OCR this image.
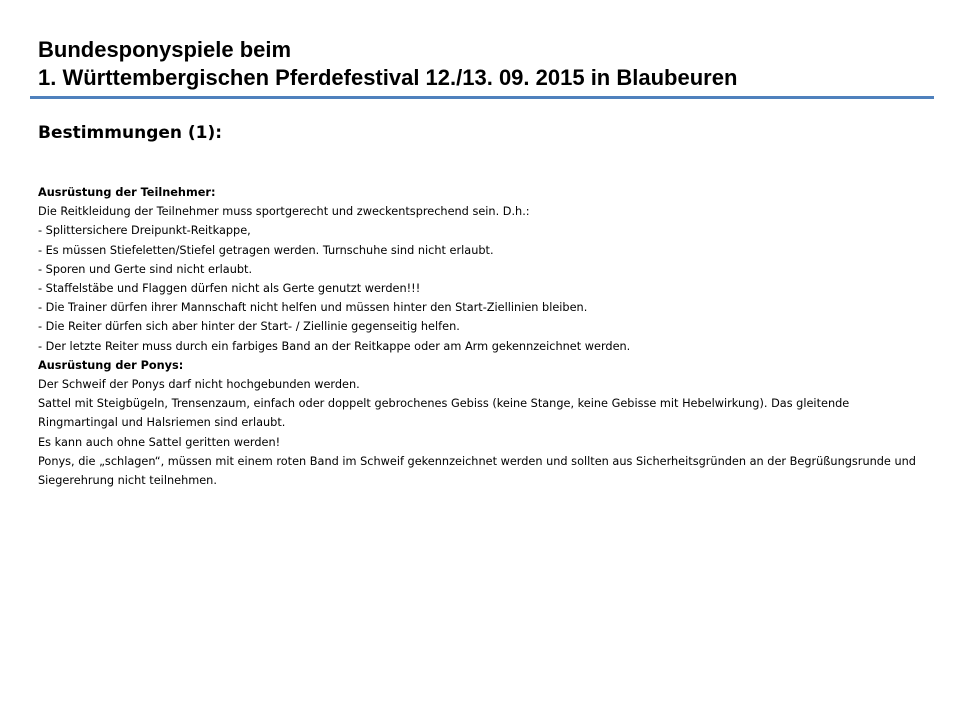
Bundesponyspiele beim
1. Württembergischen Pferdefestival 12./13. 09. 2015 in Blaubeuren
Bestimmungen (1):
Ausrüstung der Teilnehmer:
Die Reitkleidung der Teilnehmer muss sportgerecht und zweckentsprechend sein. D.h.:
- Splittersichere Dreipunkt-Reitkappe,
- Es müssen Stiefeletten/Stiefel getragen werden. Turnschuhe sind nicht erlaubt.
- Sporen und Gerte sind nicht erlaubt.
- Staffelstäbe und Flaggen dürfen nicht als Gerte genutzt werden!!!
- Die Trainer dürfen ihrer Mannschaft nicht helfen und müssen hinter den Start-Ziellinien bleiben.
- Die Reiter dürfen sich aber hinter der Start- / Ziellinie gegenseitig helfen.
- Der letzte Reiter muss durch ein farbiges Band an der Reitkappe oder am Arm gekennzeichnet werden.
Ausrüstung der Ponys:
Der Schweif der Ponys darf nicht hochgebunden werden.
Sattel mit Steigbügeln, Trensenzaum, einfach oder doppelt gebrochenes Gebiss (keine Stange, keine Gebisse mit Hebelwirkung). Das gleitende Ringmartingal und Halsriemen sind erlaubt.
Es kann auch ohne Sattel geritten werden!
Ponys, die „schlagen“, müssen mit einem roten Band im Schweif gekennzeichnet werden und sollten aus Sicherheitsgründen an der Begrüßungsrunde und Siegerehrung nicht teilnehmen.
